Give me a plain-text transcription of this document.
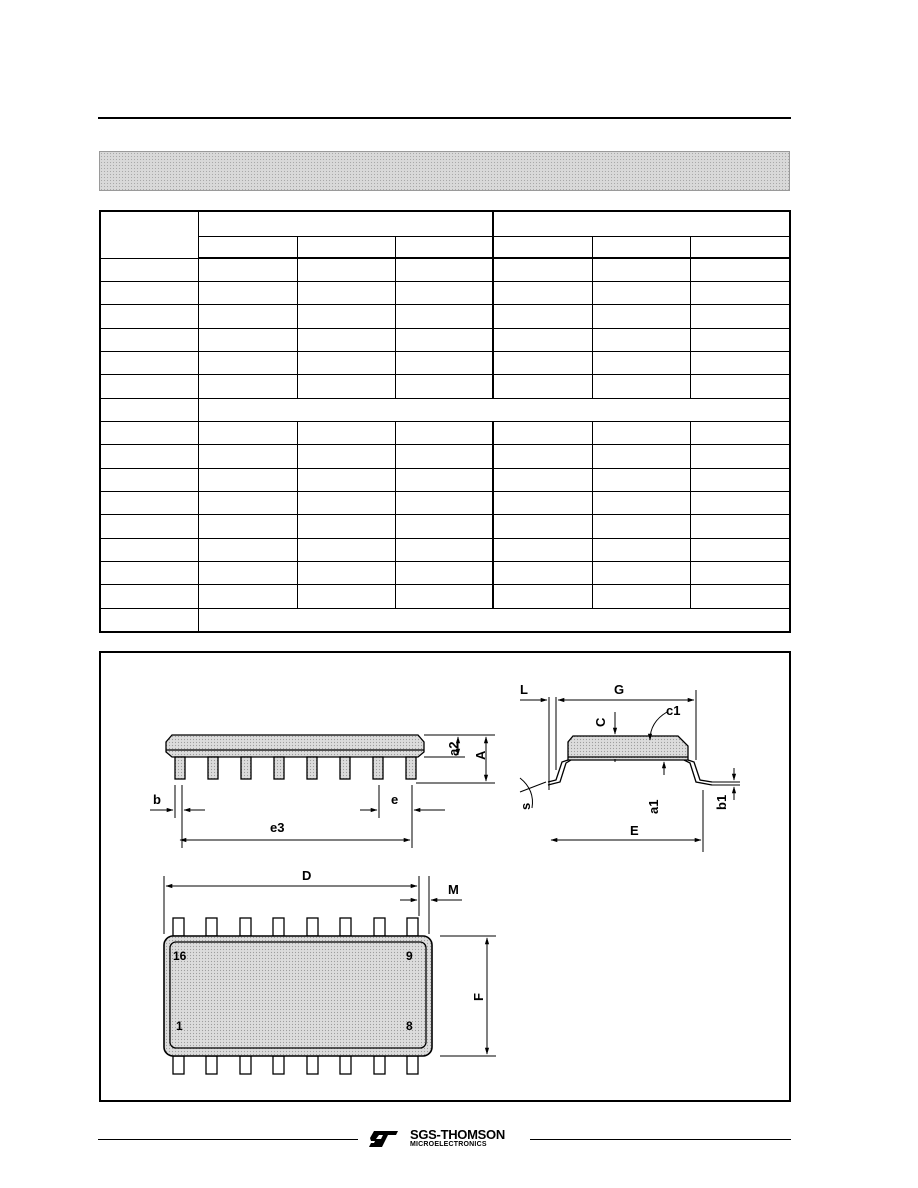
b	e
e3
a2 A
L	G
c1
C
s	a1	b1
E
D
M
F
16	9
1	8
SGS-THOMSON
MICROELECTRONICS
